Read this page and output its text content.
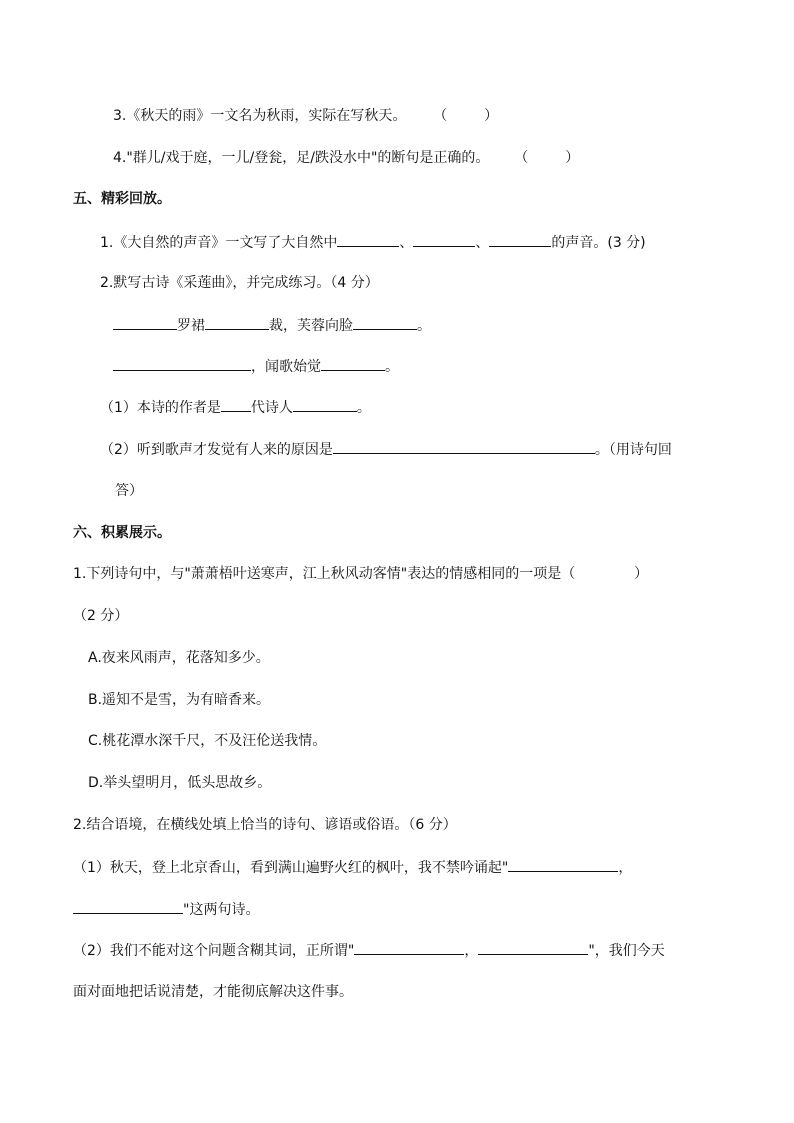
3.《秋天的雨》一文名为秋雨，实际在写秋天。 （	）
4."群儿/戏于庭，一儿/登瓮，足/跌没水中"的断句是正确的。 （	）
五、精彩回放。
1.《大自然的声音》一文写了大自然中	、	、	的声音。(3 分)
2.默写古诗《采莲曲》，并完成练习。（4 分）
罗裙	裁，芙蓉向脸	。
，闻歌始觉	。
（1）本诗的作者是 代诗人	。
（2）听到歌声才发觉有人来的原因是	。（用诗句回
答）
六、积累展示。
1.下列诗句中，与"萧萧梧叶送寒声，江上秋风动客情"表达的情感相同的一项是（	）
（2 分）
A.夜来风雨声，花落知多少。
B.遥知不是雪，为有暗香来。
C.桃花潭水深千尺，不及汪伦送我情。
D.举头望明月，低头思故乡。
2.结合语境，在横线处填上恰当的诗句、谚语或俗语。（6 分）
（1）秋天，登上北京香山，看到满山遍野火红的枫叶，我不禁吟诵起"	，
"这两句诗。
（2）我们不能对这个问题含糊其词，正所谓"	，	"，我们今天
面对面地把话说清楚，才能彻底解决这件事。
